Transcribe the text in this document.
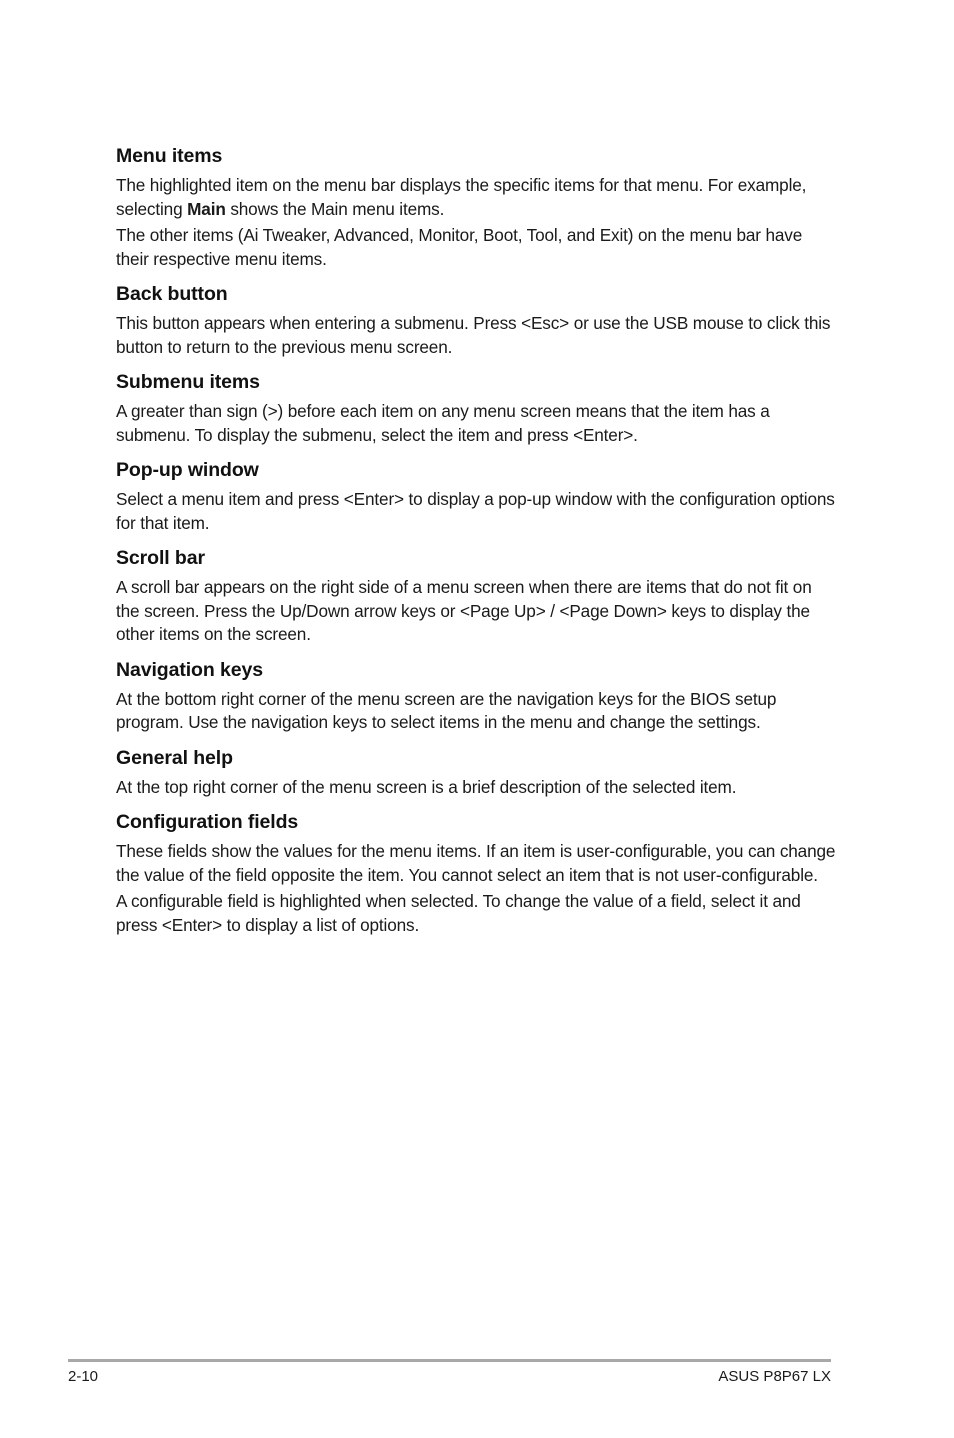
Menu items

The highlighted item on the menu bar displays the specific items for that menu. For example, selecting Main shows the Main menu items.

The other items (Ai Tweaker, Advanced, Monitor, Boot, Tool, and Exit) on the menu bar have their respective menu items.

Back button

This button appears when entering a submenu. Press <Esc> or use the USB mouse to click this button to return to the previous menu screen.

Submenu items

A greater than sign (>) before each item on any menu screen means that the item has a submenu. To display the submenu, select the item and press <Enter>.

Pop-up window

Select a menu item and press <Enter> to display a pop-up window with the configuration options for that item.

Scroll bar

A scroll bar appears on the right side of a menu screen when there are items that do not fit on the screen. Press the Up/Down arrow keys or <Page Up> / <Page Down> keys to display the other items on the screen.

Navigation keys

At the bottom right corner of the menu screen are the navigation keys for the BIOS setup program. Use the navigation keys to select items in the menu and change the settings.

General help

At the top right corner of the menu screen is a brief description of the selected item.

Configuration fields

These fields show the values for the menu items. If an item is user-configurable, you can change the value of the field opposite the item. You cannot select an item that is not user-configurable.

A configurable field is highlighted when selected. To change the value of a field, select it and press <Enter> to display a list of options.

2-10	ASUS P8P67 LX
